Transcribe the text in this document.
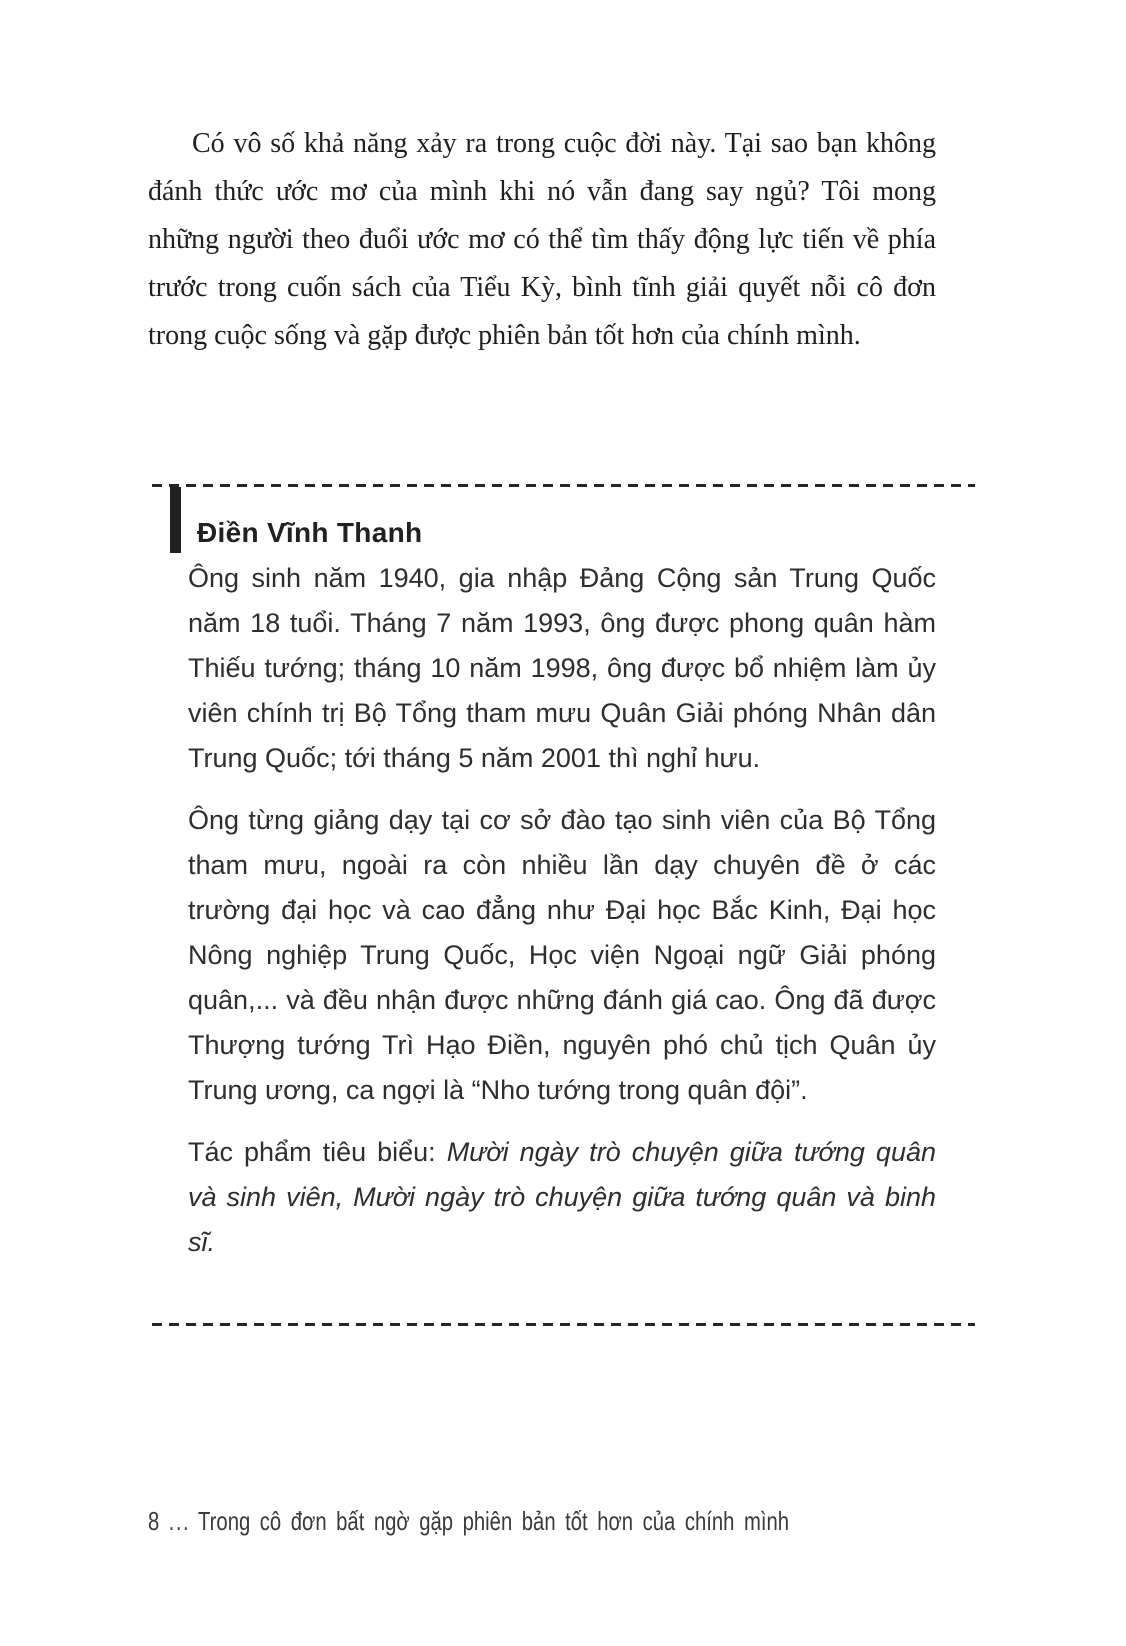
Có vô số khả năng xảy ra trong cuộc đời này. Tại sao bạn không đánh thức ước mơ của mình khi nó vẫn đang say ngủ? Tôi mong những người theo đuổi ước mơ có thể tìm thấy động lực tiến về phía trước trong cuốn sách của Tiểu Kỳ, bình tĩnh giải quyết nỗi cô đơn trong cuộc sống và gặp được phiên bản tốt hơn của chính mình.

Điền Vĩnh Thanh

Ông sinh năm 1940, gia nhập Đảng Cộng sản Trung Quốc năm 18 tuổi. Tháng 7 năm 1993, ông được phong quân hàm Thiếu tướng; tháng 10 năm 1998, ông được bổ nhiệm làm ủy viên chính trị Bộ Tổng tham mưu Quân Giải phóng Nhân dân Trung Quốc; tới tháng 5 năm 2001 thì nghỉ hưu.

Ông từng giảng dạy tại cơ sở đào tạo sinh viên của Bộ Tổng tham mưu, ngoài ra còn nhiều lần dạy chuyên đề ở các trường đại học và cao đẳng như Đại học Bắc Kinh, Đại học Nông nghiệp Trung Quốc, Học viện Ngoại ngữ Giải phóng quân,... và đều nhận được những đánh giá cao. Ông đã được Thượng tướng Trì Hạo Điền, nguyên phó chủ tịch Quân ủy Trung ương, ca ngợi là “Nho tướng trong quân đội”.

Tác phẩm tiêu biểu: Mười ngày trò chuyện giữa tướng quân và sinh viên, Mười ngày trò chuyện giữa tướng quân và binh sĩ.

8 ... Trong cô đơn bất ngờ gặp phiên bản tốt hơn của chính mình
